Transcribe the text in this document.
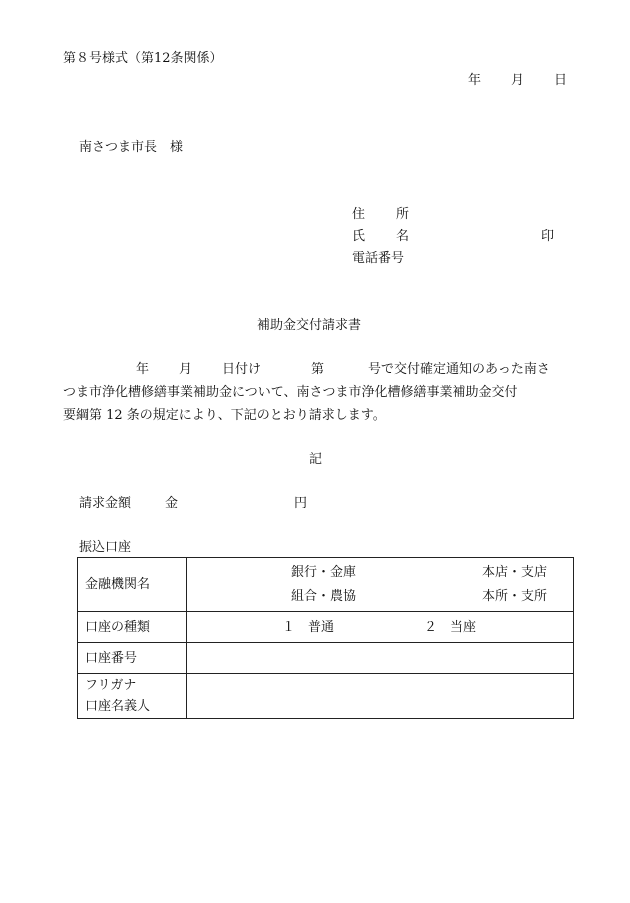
第８号様式（第12条関係）
年 月 日
南さつま市長　様
住 所
氏 名	印
電話番号
補助金交付請求書
年 月 日付け	第	号で交付確定通知のあった南さ
つま市浄化槽修繕事業補助金について、南さつま市浄化槽修繕事業補助金交付
要綱第 12 条の規定により、下記のとおり請求します。
記
請求金額	金	円
振込口座
金融機関名	銀行・金庫 本店・支店
組合・農協 本所・支所

口座の種類	１　普通 ２　当座

口座番号	

フリガナ
口座名義人	
